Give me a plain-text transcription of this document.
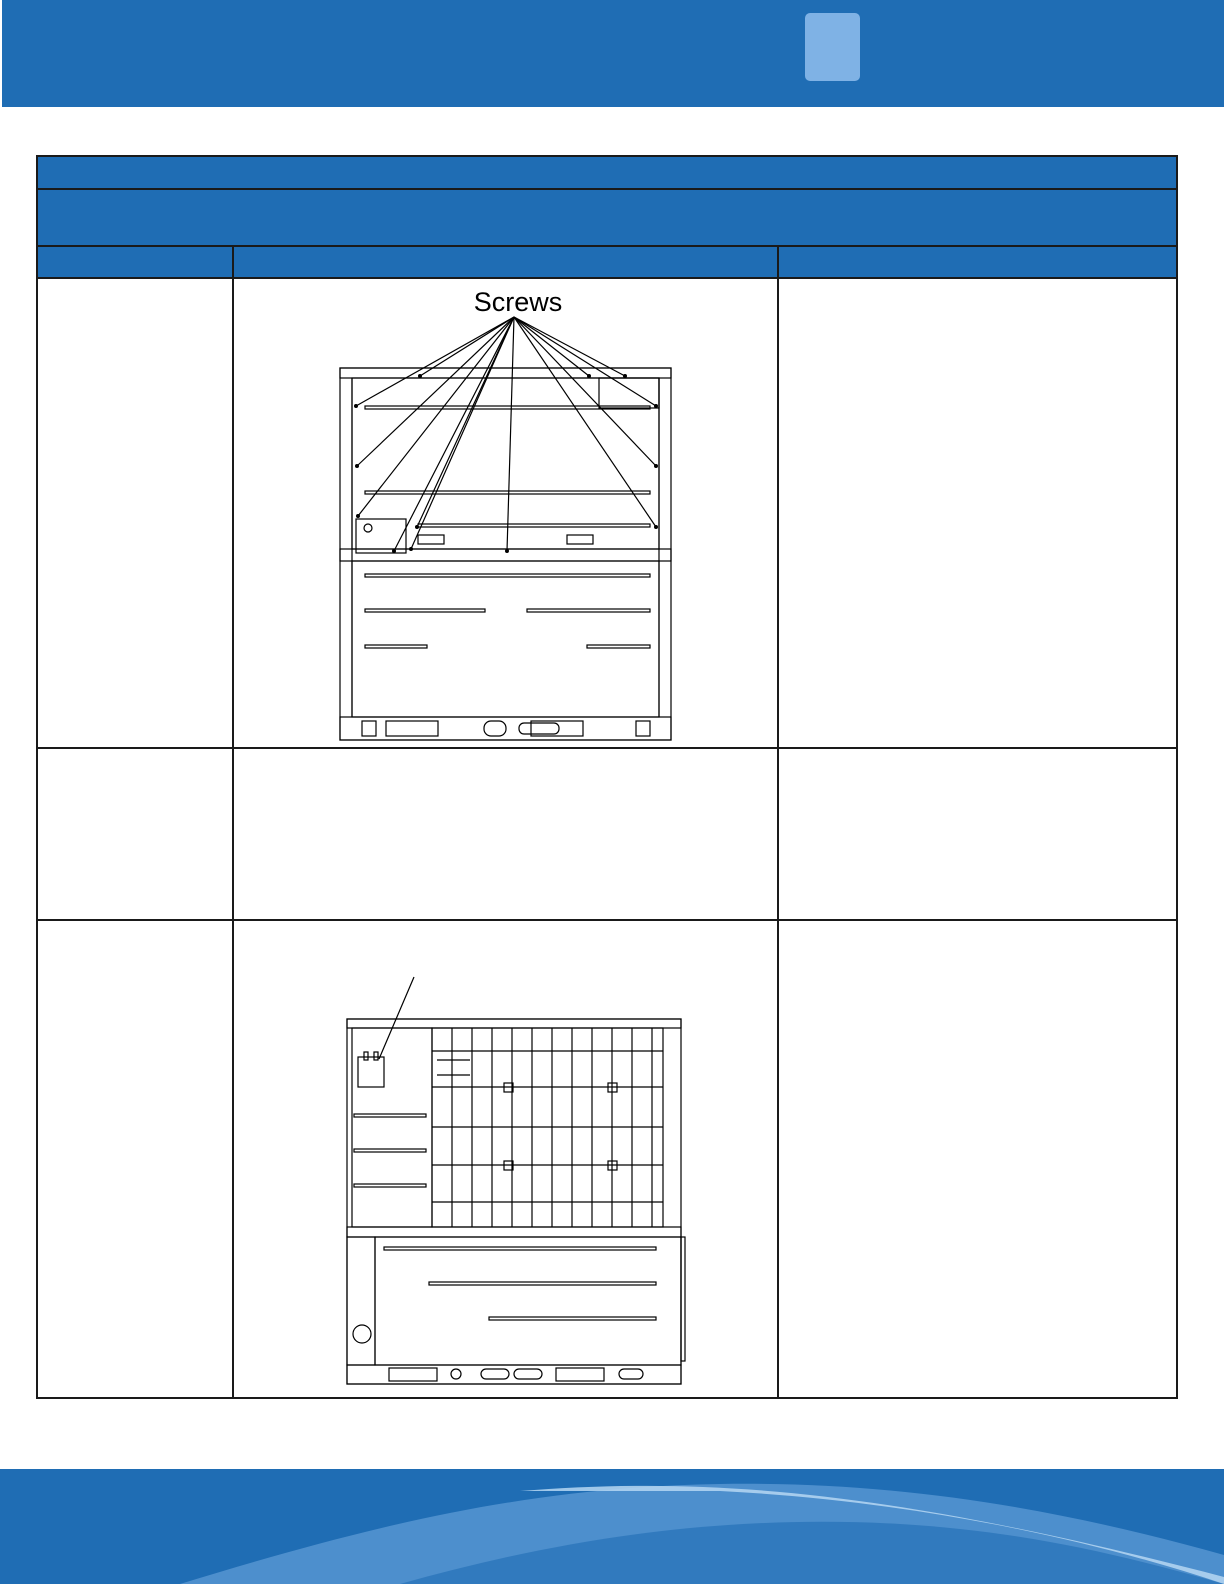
Screws	
